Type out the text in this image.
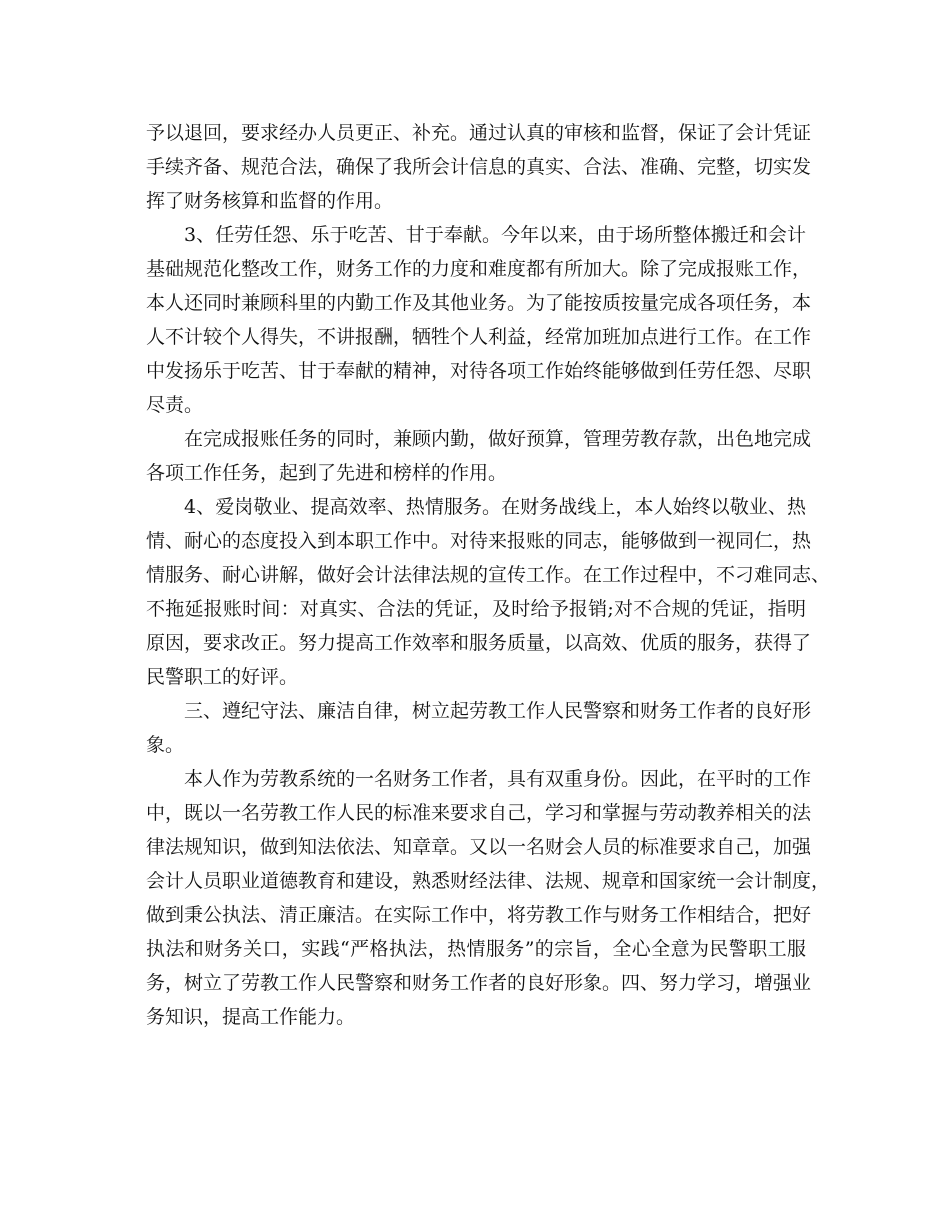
予以退回，要求经办人员更正、补充。通过认真的审核和监督，保证了会计凭证
手续齐备、规范合法，确保了我所会计信息的真实、合法、准确、完整，切实发
挥了财务核算和监督的作用。
3、任劳任怨、乐于吃苦、甘于奉献。今年以来，由于场所整体搬迁和会计
基础规范化整改工作，财务工作的力度和难度都有所加大。除了完成报账工作，
本人还同时兼顾科里的内勤工作及其他业务。为了能按质按量完成各项任务，本
人不计较个人得失，不讲报酬，牺牲个人利益，经常加班加点进行工作。在工作
中发扬乐于吃苦、甘于奉献的精神，对待各项工作始终能够做到任劳任怨、尽职
尽责。
在完成报账任务的同时，兼顾内勤，做好预算，管理劳教存款，出色地完成
各项工作任务，起到了先进和榜样的作用。
4、爱岗敬业、提高效率、热情服务。在财务战线上，本人始终以敬业、热
情、耐心的态度投入到本职工作中。对待来报账的同志，能够做到一视同仁，热
情服务、耐心讲解，做好会计法律法规的宣传工作。在工作过程中，不刁难同志、
不拖延报账时间：对真实、合法的凭证，及时给予报销;对不合规的凭证，指明
原因，要求改正。努力提高工作效率和服务质量，以高效、优质的服务，获得了
民警职工的好评。
三、遵纪守法、廉洁自律，树立起劳教工作人民警察和财务工作者的良好形
象。
本人作为劳教系统的一名财务工作者，具有双重身份。因此，在平时的工作
中，既以一名劳教工作人民的标准来要求自己，学习和掌握与劳动教养相关的法
律法规知识，做到知法依法、知章章。又以一名财会人员的标准要求自己，加强
会计人员职业道德教育和建设，熟悉财经法律、法规、规章和国家统一会计制度，
做到秉公执法、清正廉洁。在实际工作中，将劳教工作与财务工作相结合，把好
执法和财务关口，实践“严格执法，热情服务”的宗旨，全心全意为民警职工服
务，树立了劳教工作人民警察和财务工作者的良好形象。四、努力学习，增强业
务知识，提高工作能力。
